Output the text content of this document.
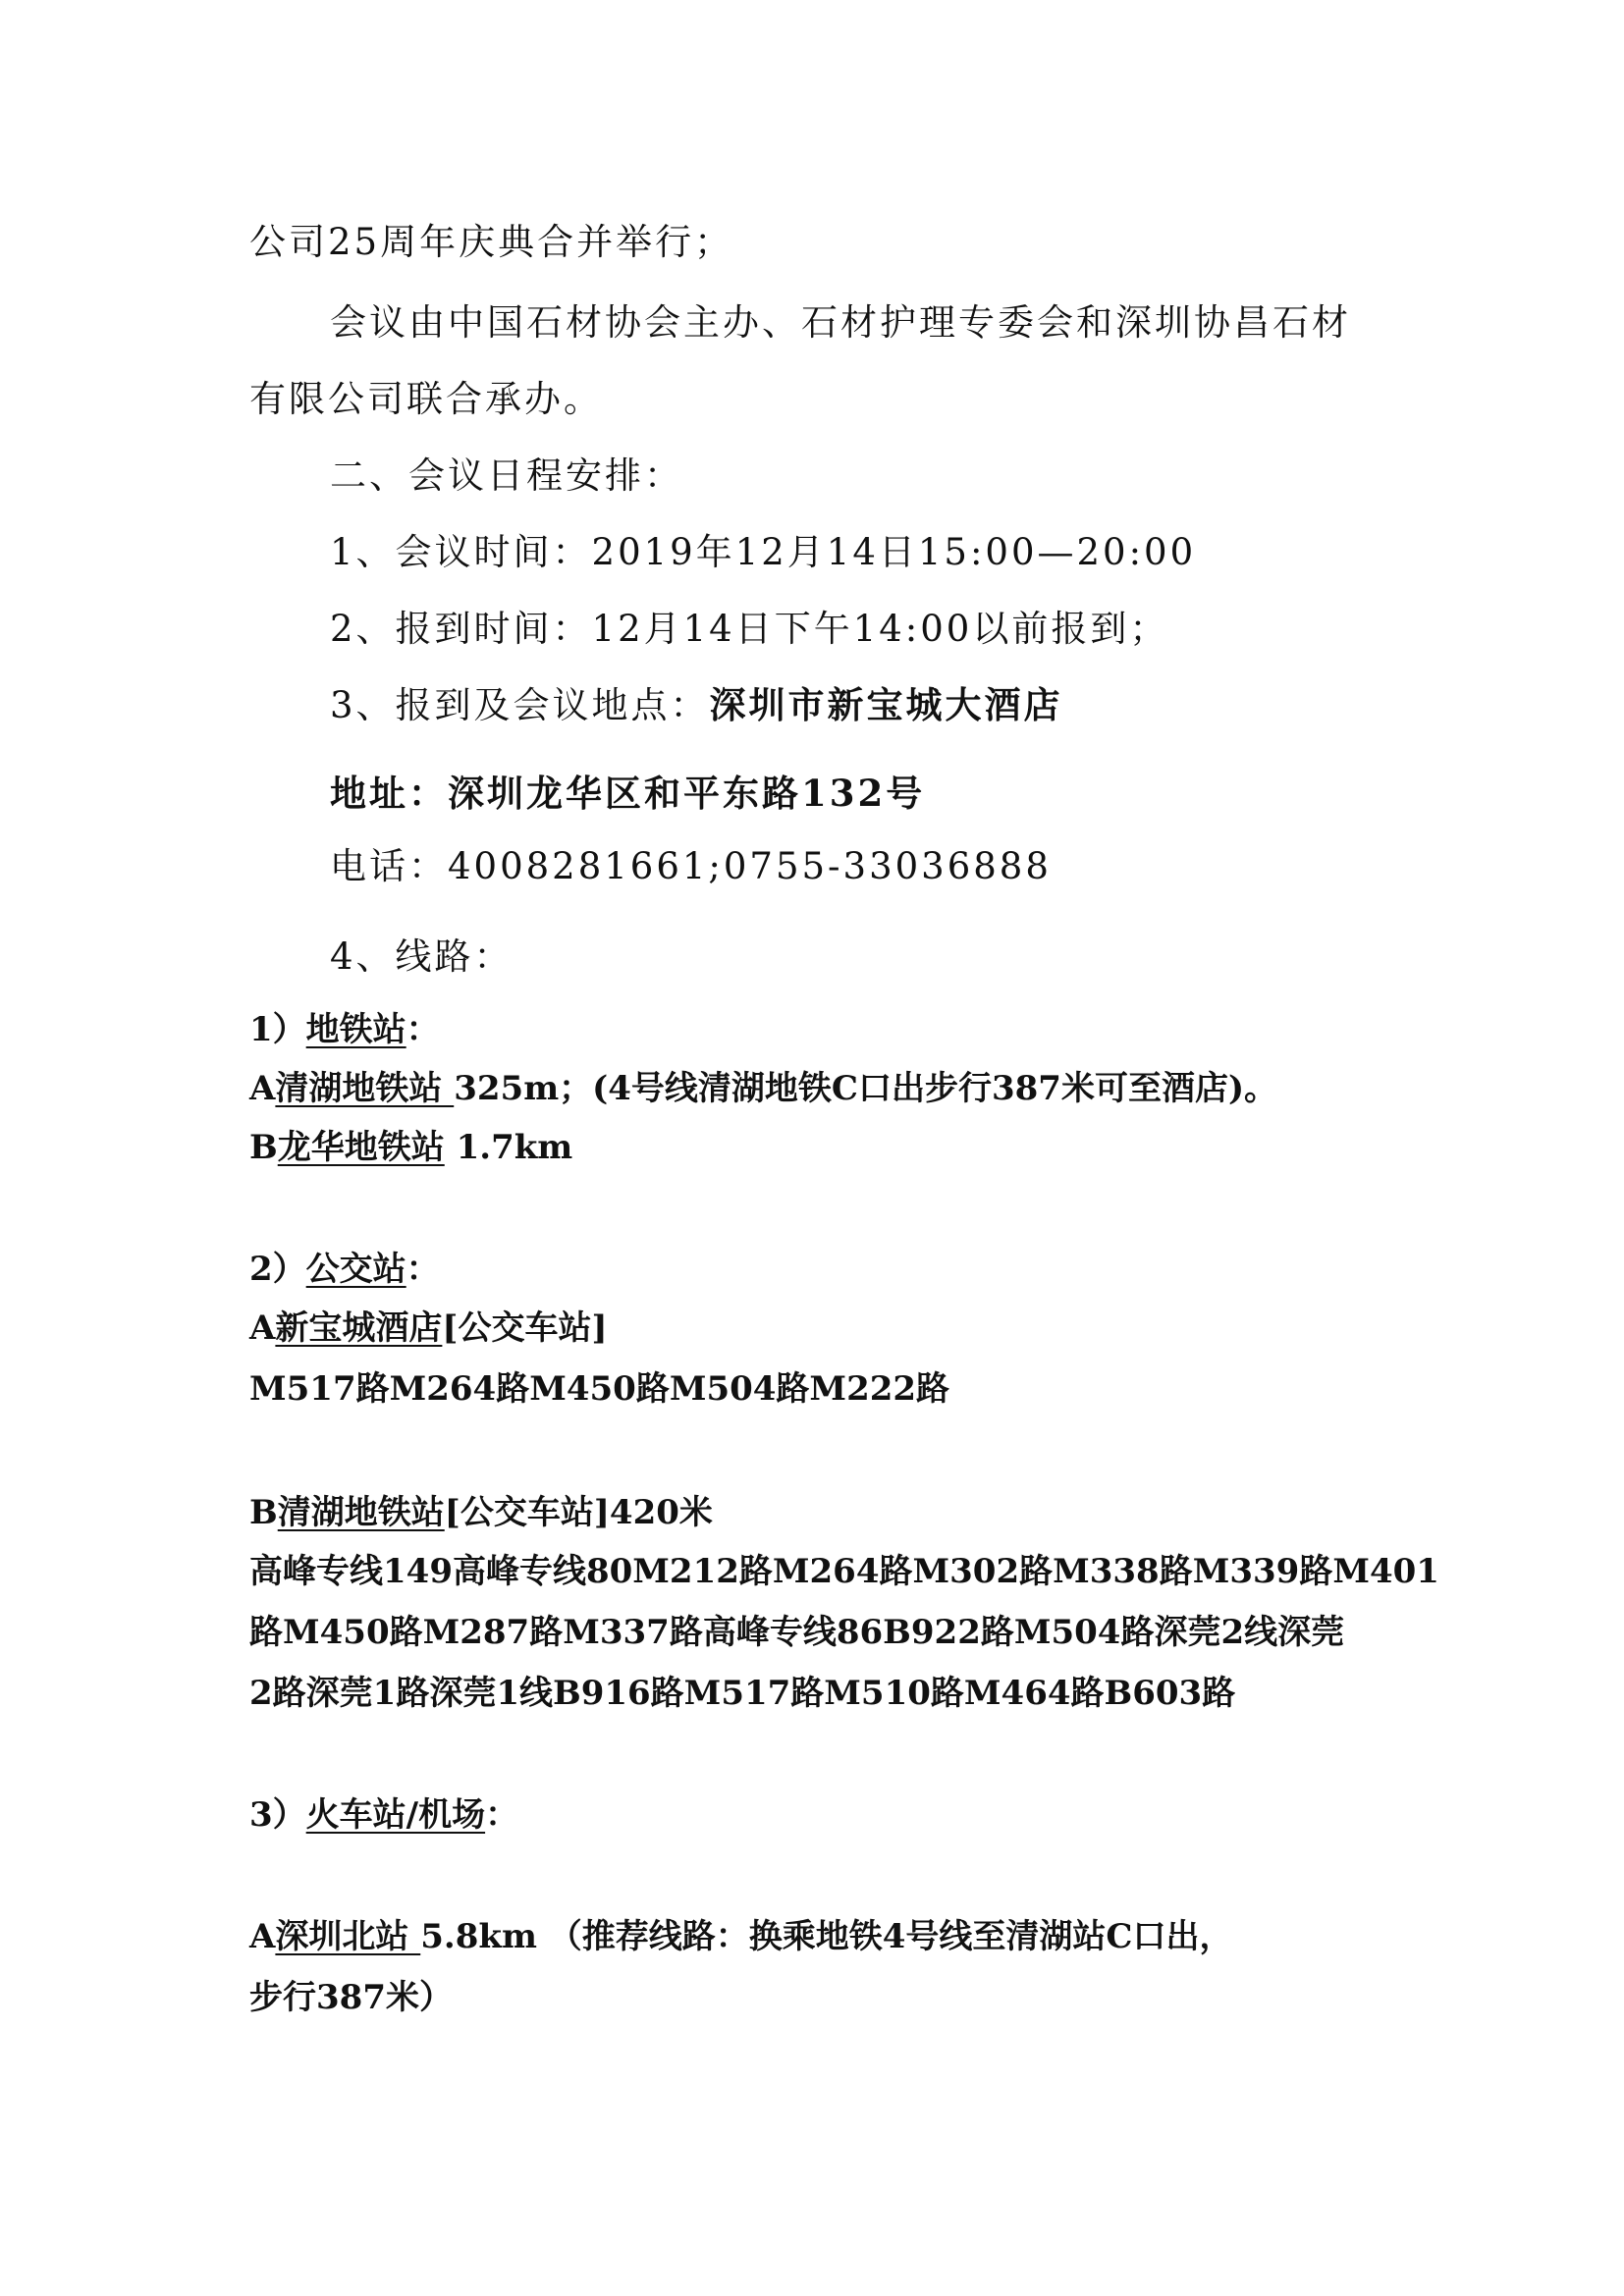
公司25周年庆典合并举行；
会议由中国石材协会主办、石材护理专委会和深圳协昌石材
有限公司联合承办。
二、会议日程安排：
1、会议时间：2019年12月14日15:00—20:00
2、报到时间：12月14日下午14:00以前报到；
3、报到及会议地点：深圳市新宝城大酒店
地址：深圳龙华区和平东路132号
电话：4008281661;0755-33036888
4、线路：
1）地铁站：
A清湖地铁站 325m；(4号线清湖地铁C口出步行387米可至酒店)。
B龙华地铁站 1.7km
2）公交站：
A新宝城酒店[公交车站]
M517路M264路M450路M504路M222路
B清湖地铁站[公交车站]420米
高峰专线149高峰专线80M212路M264路M302路M338路M339路M401
路M450路M287路M337路高峰专线86B922路M504路深莞2线深莞
2路深莞1路深莞1线B916路M517路M510路M464路B603路
3）火车站/机场：
A深圳北站 5.8km （推荐线路：换乘地铁4号线至清湖站C口出，
步行387米）
